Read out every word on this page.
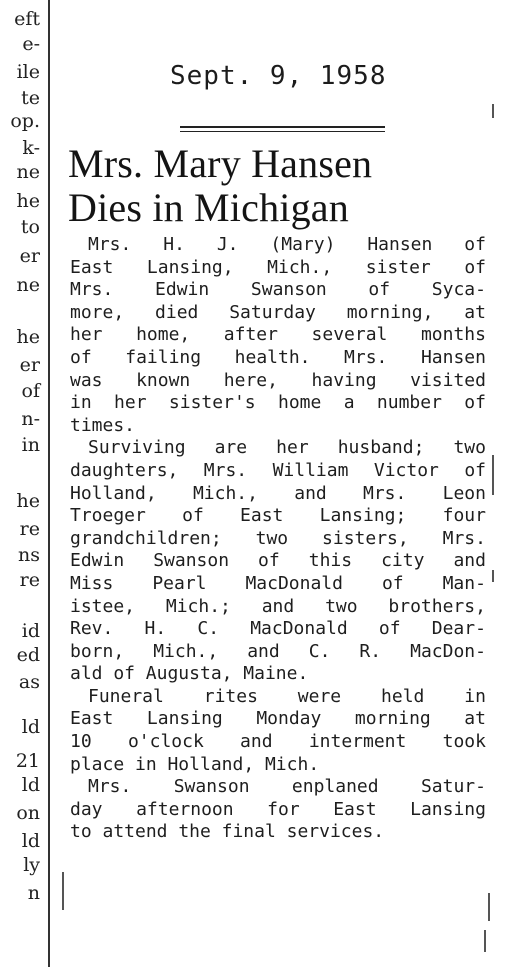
eft
e-
ile
te
op.
k-
ne
he
to
er
ne
he
er
of
n-
in
he
re
ns
re
id
ed
as
ld
21
ld
on
ld
ly
n
Sept. 9, 1958
Mrs. Mary Hansen
Dies in Michigan
Mrs. H. J. (Mary) Hansen of
East Lansing, Mich., sister of
Mrs. Edwin Swanson of Syca-
more, died Saturday morning, at
her home, after several months
of failing health. Mrs. Hansen
was known here, having visited
in her sister's home a number of
times.
Surviving are her husband; two
daughters, Mrs. William Victor of
Holland, Mich., and Mrs. Leon
Troeger of East Lansing; four
grandchildren; two sisters, Mrs.
Edwin Swanson of this city and
Miss Pearl MacDonald of Man-
istee, Mich.; and two brothers,
Rev. H. C. MacDonald of Dear-
born, Mich., and C. R. MacDon-
ald of Augusta, Maine.
Funeral rites were held in
East Lansing Monday morning at
10 o'clock and interment took
place in Holland, Mich.
Mrs. Swanson enplaned Satur-
day afternoon for East Lansing
to attend the final services.
